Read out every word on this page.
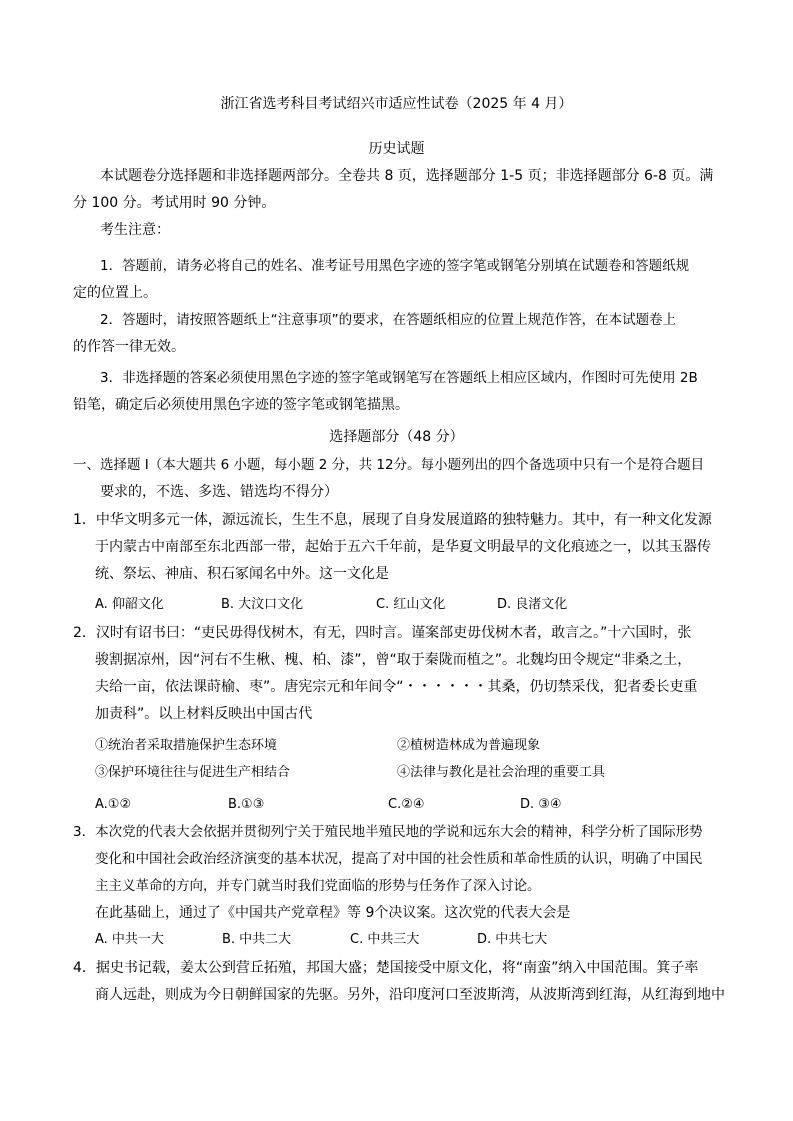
浙江省选考科目考试绍兴市适应性试卷（2025 年 4 月）
历史试题
本试题卷分选择题和非选择题两部分。全卷共 8 页，选择题部分 1-5 页；非选择题部分 6-8 页。满
分 100 分。考试用时 90 分钟。
考生注意：
1．答题前，请务必将自己的姓名、准考证号用黑色字迹的签字笔或钢笔分别填在试题卷和答题纸规
定的位置上。
2．答题时，请按照答题纸上“注意事项”的要求，在答题纸相应的位置上规范作答，在本试题卷上
的作答一律无效。
3．非选择题的答案必须使用黑色字迹的签字笔或钢笔写在答题纸上相应区域内，作图时可先使用 2B
铅笔，确定后必须使用黑色字迹的签字笔或钢笔描黑。
选择题部分（48 分）
一、选择题 I（本大题共 6 小题，每小题 2 分，共 12分。每小题列出的四个备选项中只有一个是符合题目
要求的，不选、多选、错选均不得分）
1．中华文明多元一体，源远流长，生生不息，展现了自身发展道路的独特魅力。其中，有一种文化发源
于内蒙古中南部至东北西部一带，起始于五六千年前，是华夏文明最早的文化痕迹之一，以其玉器传
统、祭坛、神庙、积石冢闻名中外。这一文化是
A. 仰韶文化	B. 大汶口文化	C. 红山文化	D. 良渚文化
2．汉时有诏书曰：“吏民毋得伐树木，有无，四时言。谨案部吏毋伐树木者，敢言之。”十六国时，张
骏割据凉州，因“河右不生楸、槐、柏、漆”，曾“取于秦陇而植之”。北魏均田令规定“非桑之土，
夫给一亩，依法课莳榆、枣”。唐宪宗元和年间令“・・・・・・其桑，仍切禁采伐，犯者委长吏重
加责科”。以上材料反映出中国古代
①统治者采取措施保护生态环境	②植树造林成为普遍现象
③保护环境往往与促进生产相结合	④法律与教化是社会治理的重要工具
A.①②	B.①③	C.②④	D. ③④
3．本次党的代表大会依据并贯彻列宁关于殖民地半殖民地的学说和远东大会的精神，科学分析了国际形势
变化和中国社会政治经济演变的基本状况，提高了对中国的社会性质和革命性质的认识，明确了中国民
主主义革命的方向，并专门就当时我们党面临的形势与任务作了深入讨论。
在此基础上，通过了《中国共产党章程》等 9个决议案。这次党的代表大会是
A. 中共一大	B. 中共二大	C. 中共三大	D. 中共七大
4．据史书记载，姜太公到营丘拓殖，邦国大盛；楚国接受中原文化，将“南蛮”纳入中国范围。箕子率
商人远赴，则成为今日朝鲜国家的先驱。另外，沿印度河口至波斯湾，从波斯湾到红海，从红海到地中
